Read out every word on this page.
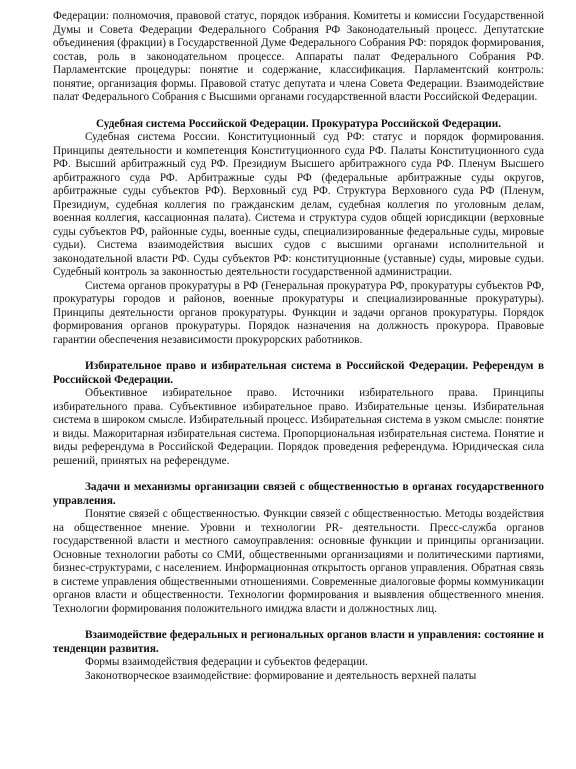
Федерации: полномочия, правовой статус, порядок избрания. Комитеты и комиссии Государственной Думы и Совета Федерации Федерального Собрания РФ Законодательный процесс. Депутатские объединения (фракции) в Государственной Думе Федерального Собрания РФ: порядок формирования, состав, роль в законодательном процессе. Аппараты палат Федерального Собрания РФ. Парламентские процедуры: понятие и содержание, классификация. Парламентский контроль: понятие, организация формы. Правовой статус депутата и члена Совета Федерации. Взаимодействие палат Федерального Собрания с Высшими органами государственной власти Российской Федерации.

Судебная система Российской Федерации. Прокуратура Российской Федерации.

Судебная система России. Конституционный суд РФ: статус и порядок формирования. Принципы деятельности и компетенция Конституционного суда РФ. Палаты Конституционного суда РФ. Высший арбитражный суд РФ. Президиум Высшего арбитражного суда РФ. Пленум Высшего арбитражного суда РФ. Арбитражные суды РФ (федеральные арбитражные суды округов, арбитражные суды субъектов РФ). Верховный суд РФ. Структура Верховного суда РФ (Пленум, Президиум, судебная коллегия по гражданским делам, судебная коллегия по уголовным делам, военная коллегия, кассационная палата). Система и структура судов общей юрисдикции (верховные суды субъектов РФ, районные суды, военные суды, специализированные федеральные суды, мировые судьи). Система взаимодействия высших судов с высшими органами исполнительной и законодательной власти РФ. Суды субъектов РФ: конституционные (уставные) суды, мировые судьи. Судебный контроль за законностью деятельности государственной администрации.

Система органов прокуратуры в РФ (Генеральная прокуратура РФ, прокуратуры субъектов РФ, прокуратуры городов и районов, военные прокуратуры и специализированные прокуратуры). Принципы деятельности органов прокуратуры. Функции и задачи органов прокуратуры. Порядок формирования органов прокуратуры. Порядок назначения на должность прокурора. Правовые гарантии обеспечения независимости прокурорских работников.

Избирательное право и избирательная система в Российской Федерации. Референдум в Российской Федерации.

Объективное избирательное право. Источники избирательного права. Принципы избирательного права. Субъективное избирательное право. Избирательные цензы. Избирательная система в широком смысле. Избирательный процесс. Избирательная система в узком смысле: понятие и виды. Мажоритарная избирательная система. Пропорциональная избирательная система. Понятие и виды референдума в Российской Федерации. Порядок проведения референдума. Юридическая сила решений, принятых на референдуме.

Задачи и механизмы организации связей с общественностью в органах государственного управления.

Понятие связей с общественностью. Функции связей с общественностью. Методы воздействия на общественное мнение. Уровни и технологии PR- деятельности. Пресс-служба органов государственной власти и местного самоуправления: основные функции и принципы организации. Основные технологии работы со СМИ, общественными организациями и политическими партиями, бизнес-структурами, с населением. Информационная открытость органов управления. Обратная связь в системе управления общественными отношениями. Современные диалоговые формы коммуникации органов власти и общественности. Технологии формирования и выявления общественного мнения. Технологии формирования положительного имиджа власти и должностных лиц.

Взаимодействие федеральных и региональных органов власти и управления: состояние и тенденции развития.

Формы взаимодействия федерации и субъектов федерации.

Законотворческое взаимодействие: формирование и деятельность верхней палаты
